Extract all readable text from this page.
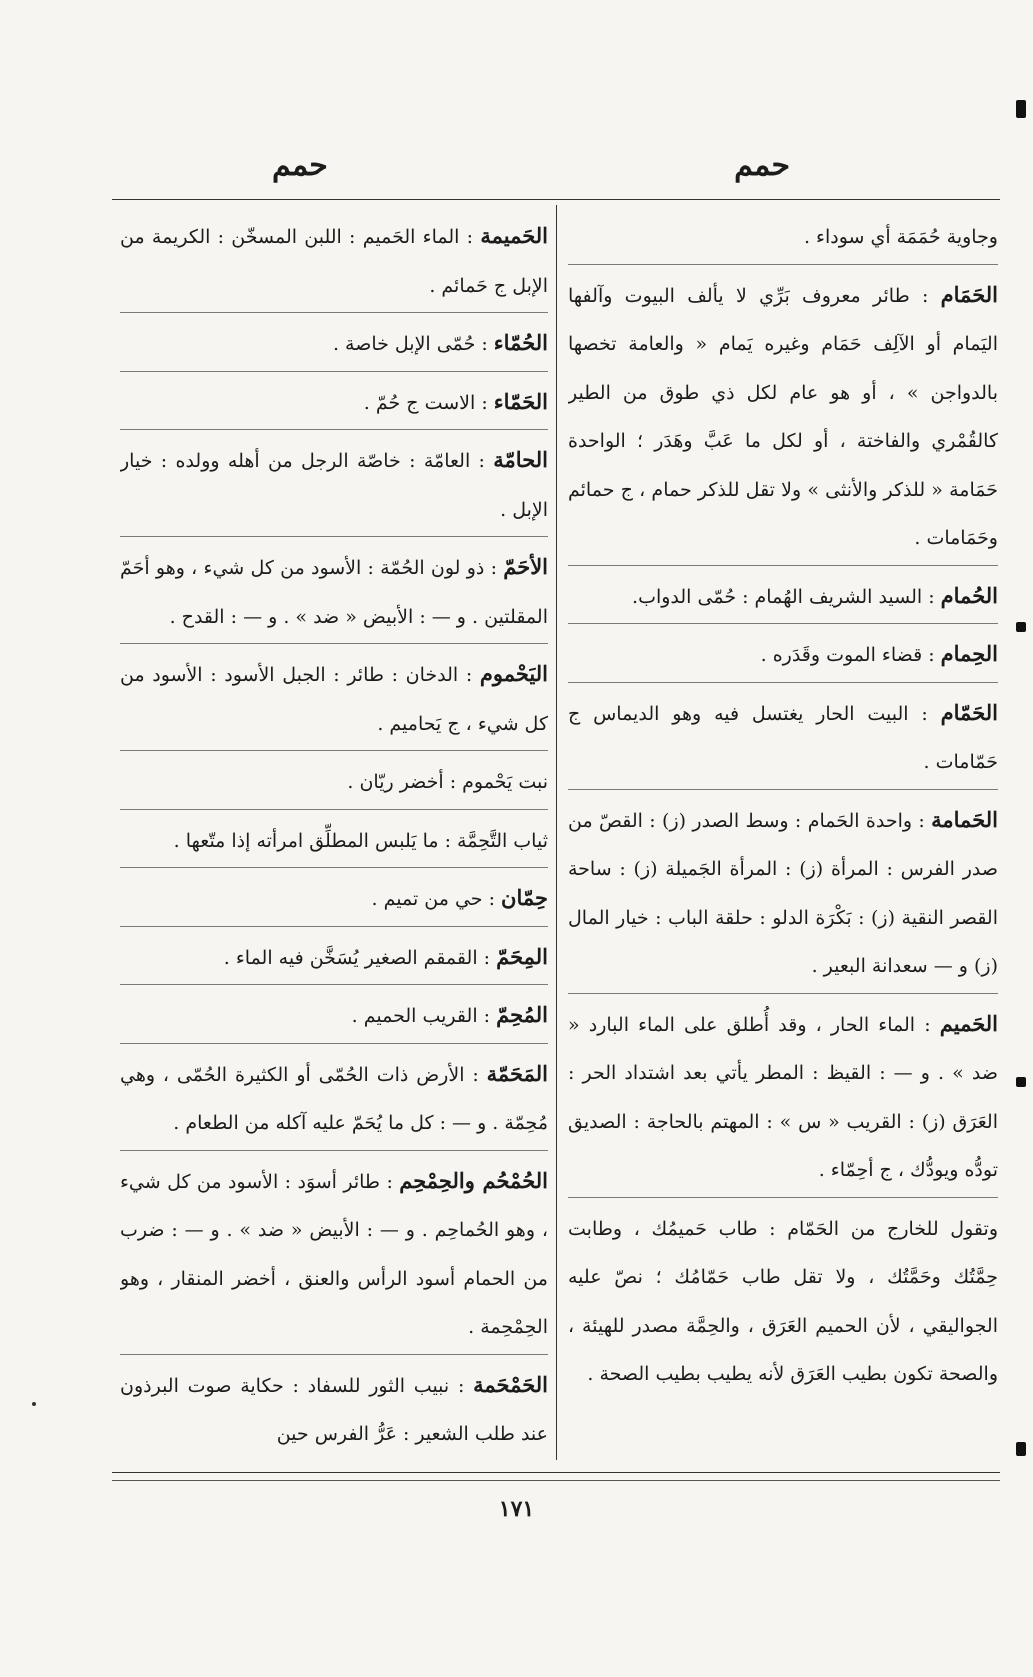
حمم
حمم
وجاوية حُمَمَة أي سوداء .
الحَمَام : طائر معروف بَرِّي لا يألف البيوت وآلفها اليَمام أو الآلِف حَمَام وغيره يَمام « والعامة تخصها بالدواجن » ، أو هو عام لكل ذي طوق من الطير كالقُمْري والفاختة ، أو لكل ما عَبَّ وهَدَر ؛ الواحدة حَمَامة « للذكر والأنثى » ولا تقل للذكر حمام ، ج حمائم وحَمَامات .
الحُمام : السيد الشريف الهُمام : حُمّى الدواب.
الحِمام : قضاء الموت وقَدَره .
الحَمّام : البيت الحار يغتسل فيه وهو الديماس ج حَمّامات .
الحَمامة : واحدة الحَمام : وسط الصدر (ز) : القصّ من صدر الفرس : المرأة (ز) : المرأة الجَميلة (ز) : ساحة القصر النقية (ز) : بَكْرَة الدلو : حلقة الباب : خيار المال (ز) و — سعدانة البعير .
الحَميم : الماء الحار ، وقد أُطلق على الماء البارد « ضد » . و — : القيظ : المطر يأتي بعد اشتداد الحر : العَرَق (ز) : القريب « س » : المهتم بالحاجة : الصديق تودُّه ويودُّك ، ج أحِمّاء .
وتقول للخارج من الحَمّام : طاب حَميمُك ، وطابت حِمَّتُك وحَمَّتُك ، ولا تقل طاب حَمّامُك ؛ نصّ عليه الجواليقي ، لأن الحميم العَرَق ، والحِمَّة مصدر للهيئة ، والصحة تكون بطيب العَرَق لأنه يطيب بطيب الصحة .
الحَميمة : الماء الحَميم : اللبن المسخّن : الكريمة من الإبل ج حَمائم .
الحُمّاء : حُمّى الإبل خاصة .
الحَمّاء : الاست ج حُمّ .
الحامّة : العامّة : خاصّة الرجل من أهله وولده : خيار الإبل .
الأحَمّ : ذو لون الحُمّة : الأسود من كل شيء ، وهو أحَمّ المقلتين . و — : الأبيض « ضد » . و — : القدح .
اليَحْموم : الدخان : طائر : الجبل الأسود : الأسود من كل شيء ، ج يَحاميم .
نبت يَحْموم : أخضر ريّان .
ثياب التَّحِمَّة : ما يَلبس المطلِّق امرأته إذا متّعها .
حِمّان : حي من تميم .
المِحَمّ : القمقم الصغير يُسَخَّن فيه الماء .
المُحِمّ : القريب الحميم .
المَحَمّة : الأرض ذات الحُمّى أو الكثيرة الحُمّى ، وهي مُحِمّة . و — : كل ما يُحَمّ عليه آكله من الطعام .
الحُمْحُم والحِمْحِم : طائر أسوَد : الأسود من كل شيء ، وهو الحُماحِم . و — : الأبيض « ضد » . و — : ضرب من الحمام أسود الرأس والعنق ، أخضر المنقار ، وهو الحِمْحِمة .
الحَمْحَمة : نبيب الثور للسفاد : حكاية صوت البرذون عند طلب الشعير : عَرُّ الفرس حين
١٧١
